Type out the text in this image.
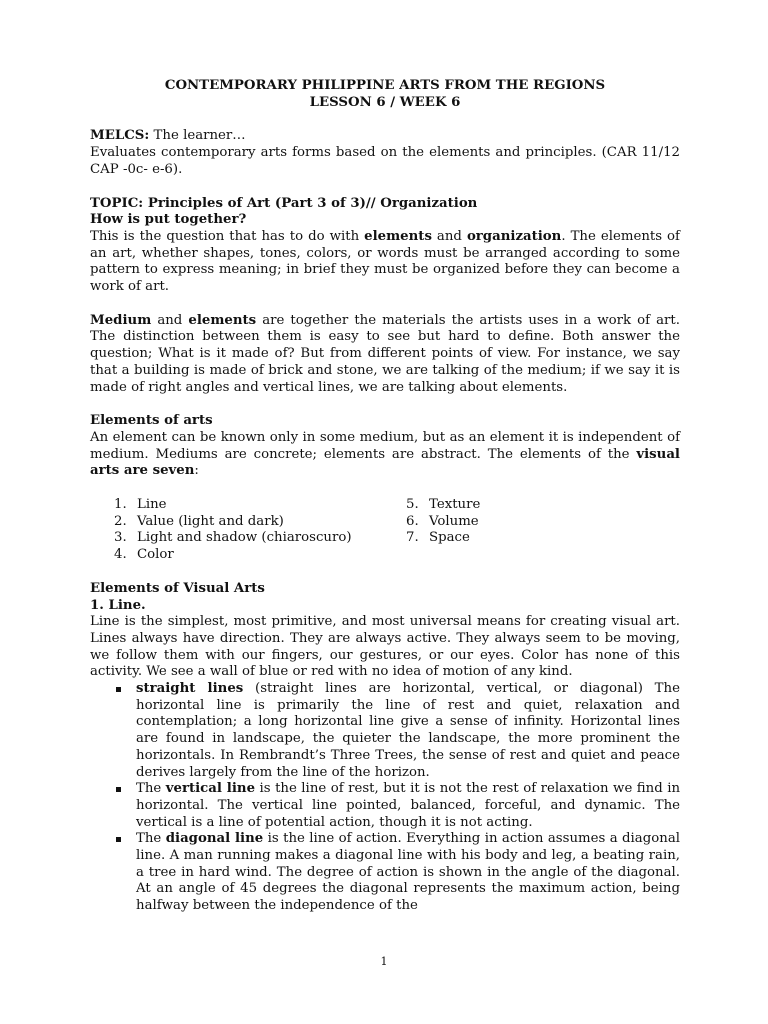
CONTEMPORARY PHILIPPINE ARTS FROM THE REGIONS

LESSON 6 / WEEK 6

MELCS: The learner…

Evaluates contemporary arts forms based on the elements and principles. (CAR 11/12 CAP -0c- e-6).

TOPIC: Principles of Art (Part 3 of 3)// Organization

How is put together?

This is the question that has to do with elements and organization. The elements of an art, whether shapes, tones, colors, or words must be arranged according to some pattern to express meaning; in brief they must be organized before they can become a work of art.

Medium and elements are together the materials the artists uses in a work of art. The distinction between them is easy to see but hard to define. Both answer the question; What is it made of? But from different points of view. For instance, we say that a building is made of brick and stone, we are talking of the medium; if we say it is made of right angles and vertical lines, we are talking about elements.

Elements of arts

An element can be known only in some medium, but as an element it is independent of medium. Mediums are concrete; elements are abstract. The elements of the visual arts are seven:

1. Line	5. Texture
2. Value (light and dark)	6. Volume
3. Light and shadow (chiaroscuro)	7. Space
4. Color

Elements of Visual Arts

1. Line.

Line is the simplest, most primitive, and most universal means for creating visual art. Lines always have direction. They are always active. They always seem to be moving, we follow them with our fingers, our gestures, or our eyes. Color has none of this activity. We see a wall of blue or red with no idea of motion of any kind.

straight lines (straight lines are horizontal, vertical, or diagonal) The horizontal line is primarily the line of rest and quiet, relaxation and contemplation; a long horizontal line give a sense of infinity. Horizontal lines are found in landscape, the quieter the landscape, the more prominent the horizontals. In Rembrandt’s Three Trees, the sense of rest and quiet and peace derives largely from the line of the horizon.
The vertical line is the line of rest, but it is not the rest of relaxation we find in horizontal. The vertical line pointed, balanced, forceful, and dynamic. The vertical is a line of potential action, though it is not acting.
The diagonal line is the line of action. Everything in action assumes a diagonal line. A man running makes a diagonal line with his body and leg, a beating rain, a tree in hard wind. The degree of action is shown in the angle of the diagonal. At an angle of 45 degrees the diagonal represents the maximum action, being halfway between the independence of the
1
